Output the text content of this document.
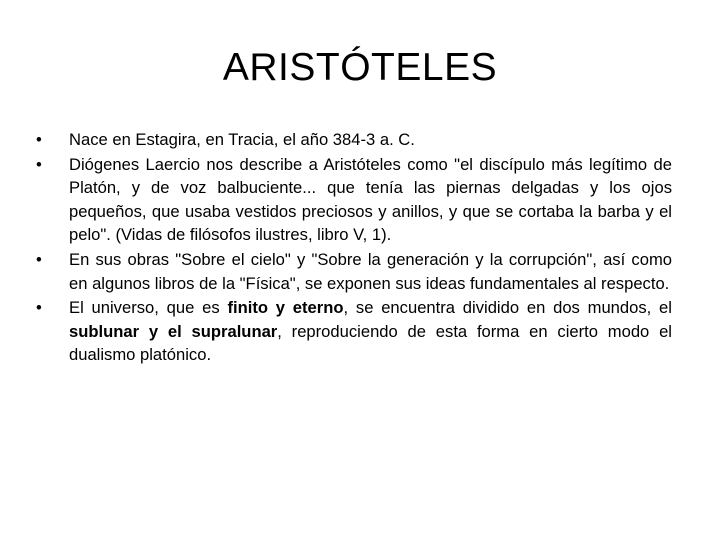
ARISTÓTELES
•	Nace en Estagira, en Tracia, el año 384-3 a. C.
•	Diógenes Laercio nos describe a Aristóteles como "el discípulo más legítimo de Platón, y de voz balbuciente... que tenía las piernas delgadas y los ojos pequeños, que usaba vestidos preciosos y anillos, y que se cortaba la barba y el pelo". (Vidas de filósofos ilustres, libro V, 1).
•	En sus obras "Sobre el cielo" y "Sobre la generación y la corrupción", así como en algunos libros de la "Física", se exponen sus ideas fundamentales al respecto.
•	El universo, que es finito y eterno, se encuentra dividido en dos mundos, el sublunar y el supralunar, reproduciendo de esta forma en cierto modo el dualismo platónico.
